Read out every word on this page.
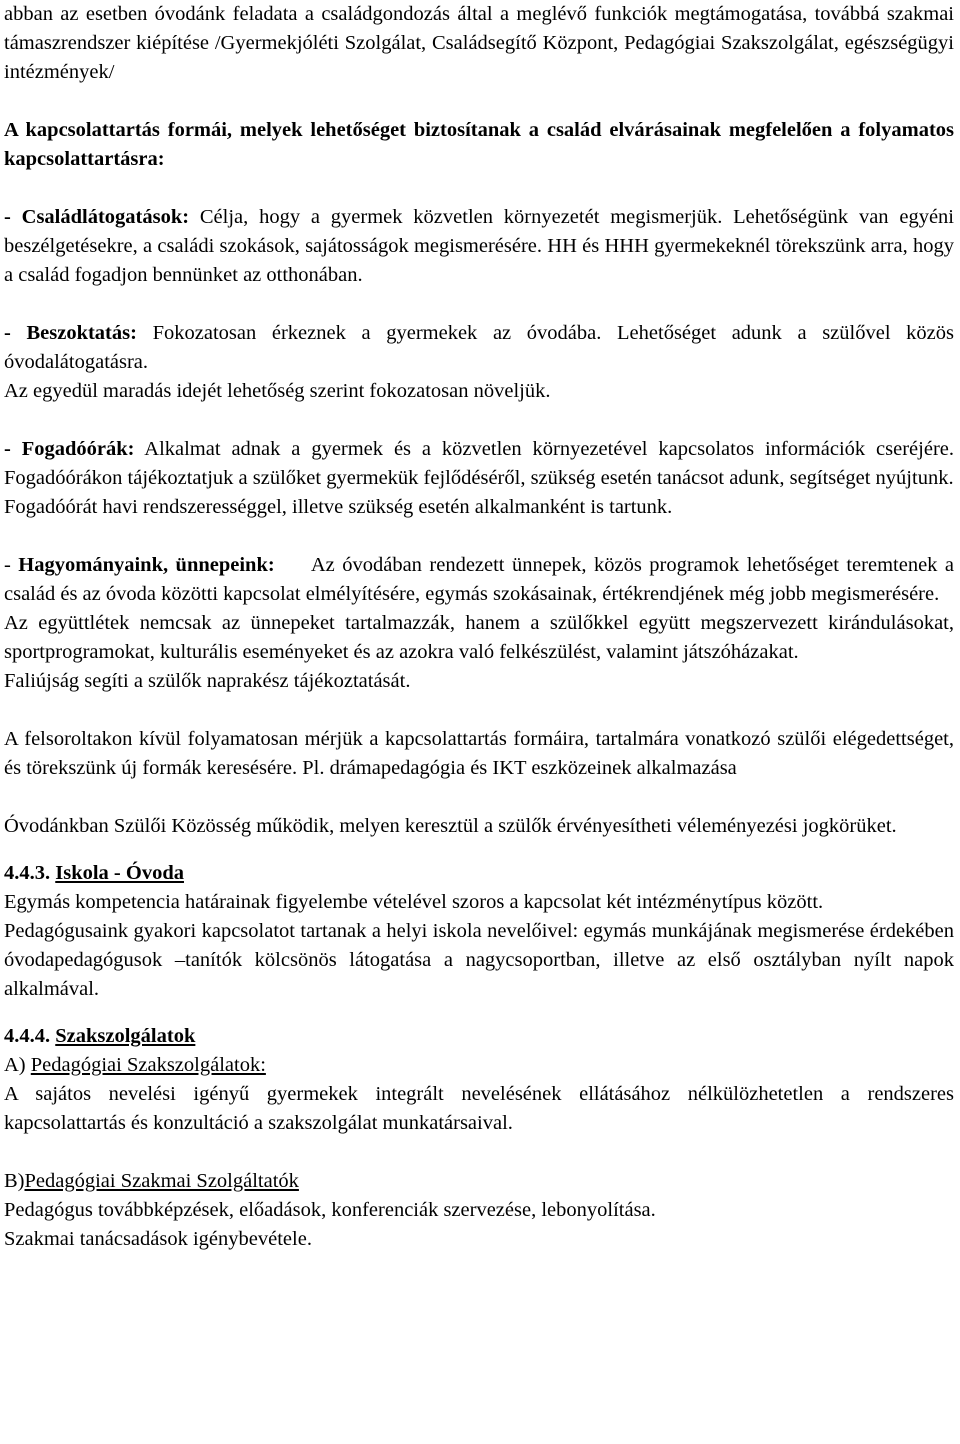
abban az esetben óvodánk feladata a családgondozás által a meglévő funkciók megtámogatása, továbbá szakmai támaszrendszer kiépítése /Gyermekjóléti Szolgálat, Családsegítő Központ, Pedagógiai Szakszolgálat, egészségügyi intézmények/

A kapcsolattartás formái, melyek lehetőséget biztosítanak a család elvárásainak megfelelően a folyamatos kapcsolattartásra:

- Családlátogatások: Célja, hogy a gyermek közvetlen környezetét megismerjük. Lehetőségünk van egyéni beszélgetésekre, a családi szokások, sajátosságok megismerésére. HH és HHH gyermekeknél törekszünk arra, hogy a család fogadjon bennünket az otthonában.

- Beszoktatás: Fokozatosan érkeznek a gyermekek az óvodába. Lehetőséget adunk a szülővel közös óvodalátogatásra.

Az egyedül maradás idejét lehetőség szerint fokozatosan növeljük.

- Fogadóórák: Alkalmat adnak a gyermek és a közvetlen környezetével kapcsolatos információk cseréjére. Fogadóórákon tájékoztatjuk a szülőket gyermekük fejlődéséről, szükség esetén tanácsot adunk, segítséget nyújtunk.

Fogadóórát havi rendszerességgel, illetve szükség esetén alkalmanként is tartunk.

- Hagyományaink, ünnepeink:     Az óvodában rendezett ünnepek, közös programok lehetőséget teremtenek a család és az óvoda közötti kapcsolat elmélyítésére, egymás szokásainak, értékrendjének még jobb megismerésére.

Az együttlétek nemcsak az ünnepeket tartalmazzák, hanem a szülőkkel együtt megszervezett kirándulásokat, sportprogramokat, kulturális eseményeket és az azokra való felkészülést, valamint játszóházakat.

Faliújság segíti a szülők naprakész tájékoztatását.

A felsoroltakon kívül folyamatosan mérjük a kapcsolattartás formáira, tartalmára vonatkozó szülői elégedettséget, és törekszünk új formák keresésére. Pl. drámapedagógia és IKT eszközeinek alkalmazása

Óvodánkban Szülői Közösség működik, melyen keresztül a szülők érvényesítheti véleményezési jogkörüket.

4.4.3. Iskola - Óvoda

Egymás kompetencia határainak figyelembe vételével szoros a kapcsolat két intézménytípus között.

Pedagógusaink gyakori kapcsolatot tartanak a helyi iskola nevelőivel: egymás munkájának megismerése érdekében óvodapedagógusok –tanítók kölcsönös látogatása a nagycsoportban, illetve az első osztályban nyílt napok alkalmával.

4.4.4. Szakszolgálatok

A) Pedagógiai Szakszolgálatok:

A sajátos nevelési igényű gyermekek integrált nevelésének ellátásához nélkülözhetetlen a rendszeres kapcsolattartás és konzultáció a szakszolgálat munkatársaival.

B)Pedagógiai Szakmai Szolgáltatók

Pedagógus továbbképzések, előadások, konferenciák szervezése, lebonyolítása.

Szakmai tanácsadások igénybevétele.
